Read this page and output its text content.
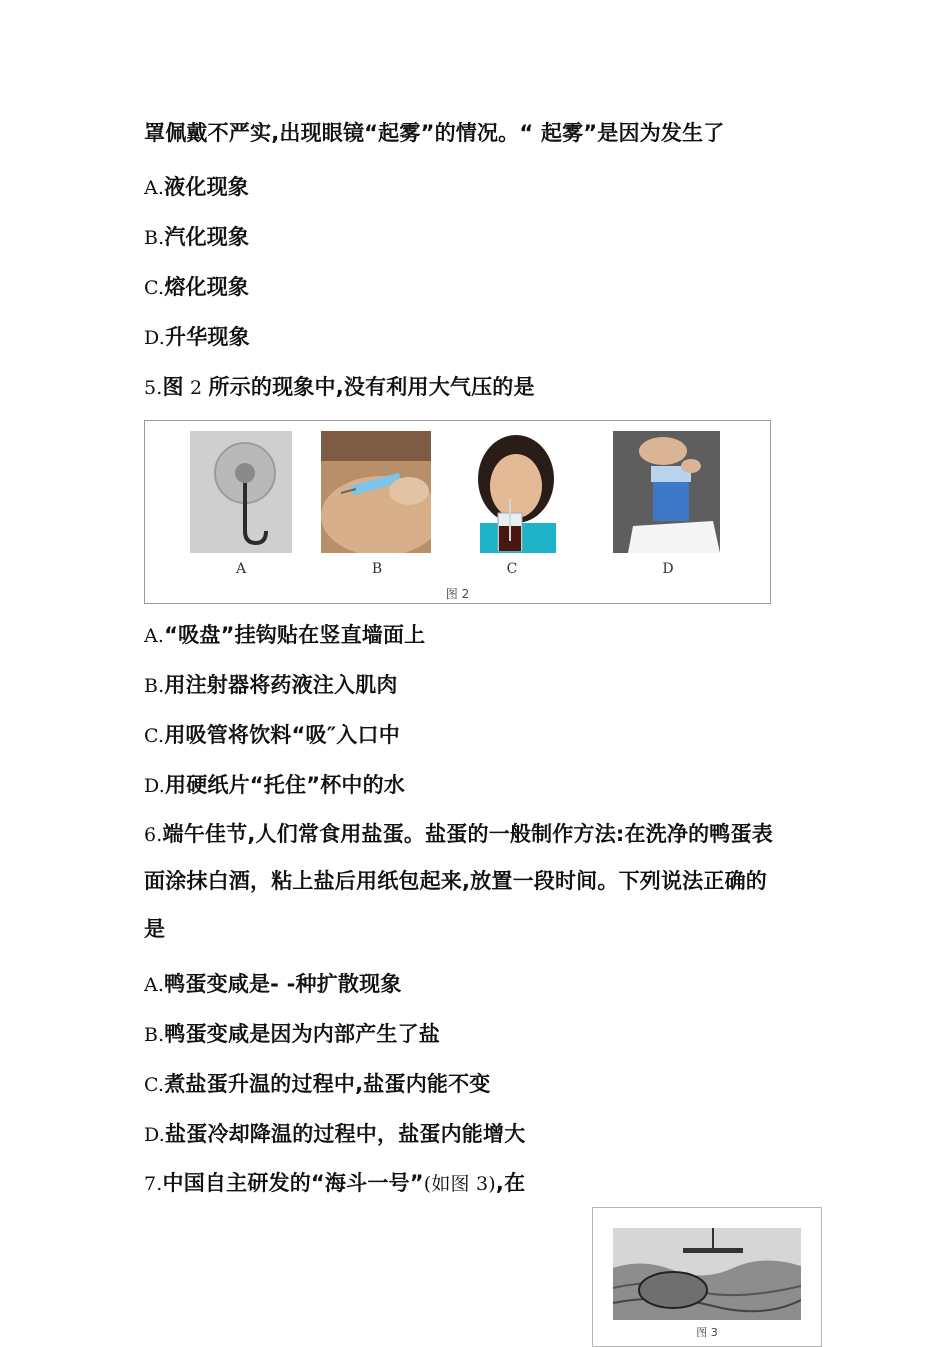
罩佩戴不严实,出现眼镜“起雾”的情况。“ 起雾”是因为发生了
A.液化现象
B.汽化现象
C.熔化现象
D.升华现象
5.图 2 所示的现象中,没有利用大气压的是
A	B	C	D
图 2
A.“吸盘”挂钩贴在竖直墙面上
B.用注射器将药液注入肌肉
C.用吸管将饮料“吸″入口中
D.用硬纸片“托住”杯中的水
6.端午佳节,人们常食用盐蛋。盐蛋的一般制作方法:在洗净的鸭蛋表
面涂抹白酒，粘上盐后用纸包起来,放置一段时间。下列说法正确的
是
A.鸭蛋变咸是- -种扩散现象
B.鸭蛋变咸是因为内部产生了盐
C.煮盐蛋升温的过程中,盐蛋内能不变
D.盐蛋冷却降温的过程中，盐蛋内能增大
7.中国自主研发的“海斗一号”(如图 3),在
图 3
